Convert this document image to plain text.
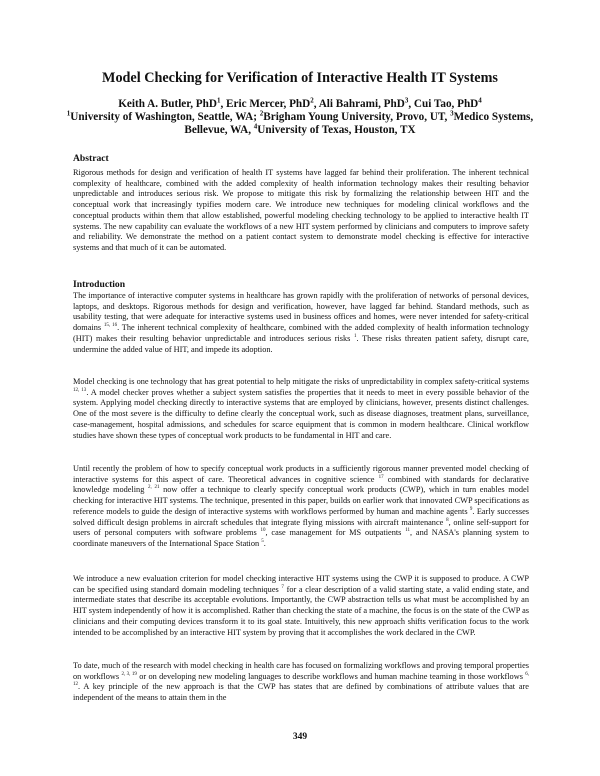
Model Checking for Verification of Interactive Health IT Systems
Keith A. Butler, PhD$^1$, Eric Mercer, PhD$^2$, Ali Bahrami, PhD$^3$, Cui Tao, PhD$^4$
$^1$University of Washington, Seattle, WA; $^2$Brigham Young University, Provo, UT, $^3$Medico Systems, Bellevue, WA, $^4$University of Texas, Houston, TX
Abstract

Rigorous methods for design and verification of health IT systems have lagged far behind their proliferation. The inherent technical complexity of healthcare, combined with the added complexity of health information technology makes their resulting behavior unpredictable and introduces serious risk. We propose to mitigate this risk by formalizing the relationship between HIT and the conceptual work that increasingly typifies modern care. We introduce new techniques for modeling clinical workflows and the conceptual products within them that allow established, powerful modeling checking technology to be applied to interactive health IT systems. The new capability can evaluate the workflows of a new HIT system performed by clinicians and computers to improve safety and reliability. We demonstrate the method on a patient contact system to demonstrate model checking is effective for interactive systems and that much of it can be automated.

Introduction

The importance of interactive computer systems in healthcare has grown rapidly with the proliferation of networks of personal devices, laptops, and desktops. Rigorous methods for design and verification, however, have lagged far behind. Standard methods, such as usability testing, that were adequate for interactive systems used in business offices and homes, were never intended for safety-critical domains $^{15, 16}$. The inherent technical complexity of healthcare, combined with the added complexity of health information technology (HIT) makes their resulting behavior unpredictable and introduces serious risks $^1$. These risks threaten patient safety, disrupt care, undermine the added value of HIT, and impede its adoption.

Model checking is one technology that has great potential to help mitigate the risks of unpredictability in complex safety-critical systems $^{12, 13}$. A model checker proves whether a subject system satisfies the properties that it needs to meet in every possible behavior of the system. Applying model checking directly to interactive systems that are employed by clinicians, however, presents distinct challenges. One of the most severe is the difficulty to define clearly the conceptual work, such as disease diagnoses, treatment plans, surveillance, case-management, hospital admissions, and schedules for scarce equipment that is common in modern healthcare. Clinical workflow studies have shown these types of conceptual work products to be fundamental in HIT and care.

Until recently the problem of how to specify conceptual work products in a sufficiently rigorous manner prevented model checking of interactive systems for this aspect of care. Theoretical advances in cognitive science $^{17}$ combined with standards for declarative knowledge modeling $^{2, 21}$ now offer a technique to clearly specify conceptual work products (CWP), which in turn enables model checking for interactive HIT systems. The technique, presented in this paper, builds on earlier work that innovated CWP specifications as reference models to guide the design of interactive systems with workflows performed by human and machine agents $^9$. Early successes solved difficult design problems in aircraft schedules that integrate flying missions with aircraft maintenance $^8$, online self-support for users of personal computers with software problems $^{10}$, case management for MS outpatients $^{11}$, and NASA's planning system to coordinate maneuvers of the International Space Station $^5$.

We introduce a new evaluation criterion for model checking interactive HIT systems using the CWP it is supposed to produce. A CWP can be specified using standard domain modeling techniques $^7$ for a clear description of a valid starting state, a valid ending state, and intermediate states that describe its acceptable evolutions. Importantly, the CWP abstraction tells us what must be accomplished by an HIT system independently of how it is accomplished. Rather than checking the state of a machine, the focus is on the state of the CWP as clinicians and their computing devices transform it to its goal state. Intuitively, this new approach shifts verification focus to the work intended to be accomplished by an interactive HIT system by proving that it accomplishes the work declared in the CWP.

To date, much of the research with model checking in health care has focused on formalizing workflows and proving temporal properties on workflows $^{2, 3, 19}$ or on developing new modeling languages to describe workflows and human machine teaming in those workflows $^{6, 12}$. A key principle of the new approach is that the CWP has states that are defined by combinations of attribute values that are independent of the means to attain them in the

349
